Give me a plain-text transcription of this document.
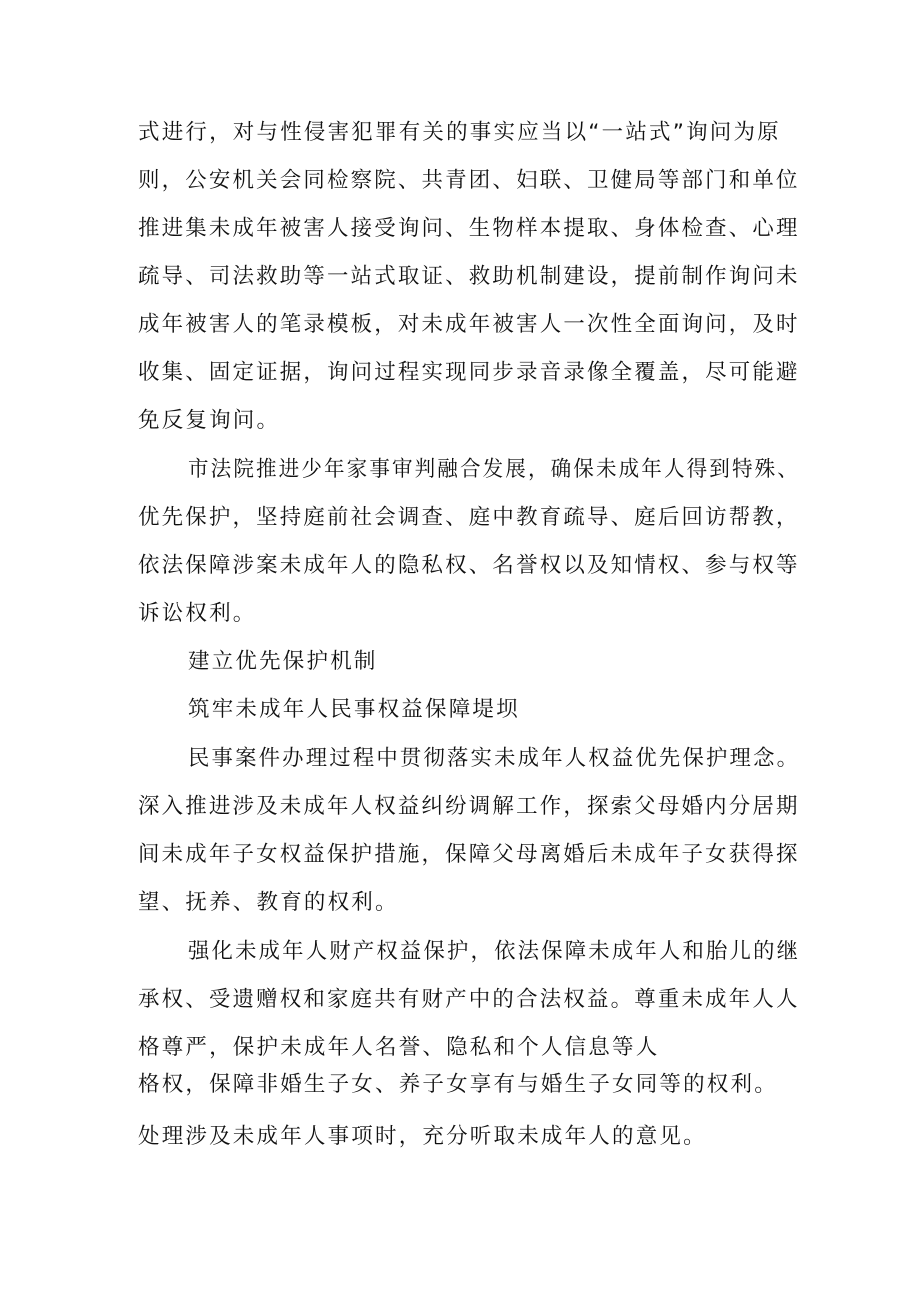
式进行，对与性侵害犯罪有关的事实应当以“一站式”询问为原
则，公安机关会同检察院、共青团、妇联、卫健局等部门和单位
推进集未成年被害人接受询问、生物样本提取、身体检查、心理
疏导、司法救助等一站式取证、救助机制建设，提前制作询问未
成年被害人的笔录模板，对未成年被害人一次性全面询问，及时
收集、固定证据，询问过程实现同步录音录像全覆盖，尽可能避
免反复询问。
市法院推进少年家事审判融合发展，确保未成年人得到特殊、
优先保护，坚持庭前社会调查、庭中教育疏导、庭后回访帮教，
依法保障涉案未成年人的隐私权、名誉权以及知情权、参与权等
诉讼权利。
建立优先保护机制
筑牢未成年人民事权益保障堤坝
民事案件办理过程中贯彻落实未成年人权益优先保护理念。
深入推进涉及未成年人权益纠纷调解工作，探索父母婚内分居期
间未成年子女权益保护措施，保障父母离婚后未成年子女获得探
望、抚养、教育的权利。
强化未成年人财产权益保护，依法保障未成年人和胎儿的继
承权、受遗赠权和家庭共有财产中的合法权益。尊重未成年人人
格尊严，保护未成年人名誉、隐私和个人信息等人
格权，保障非婚生子女、养子女享有与婚生子女同等的权利。
处理涉及未成年人事项时，充分听取未成年人的意见。
